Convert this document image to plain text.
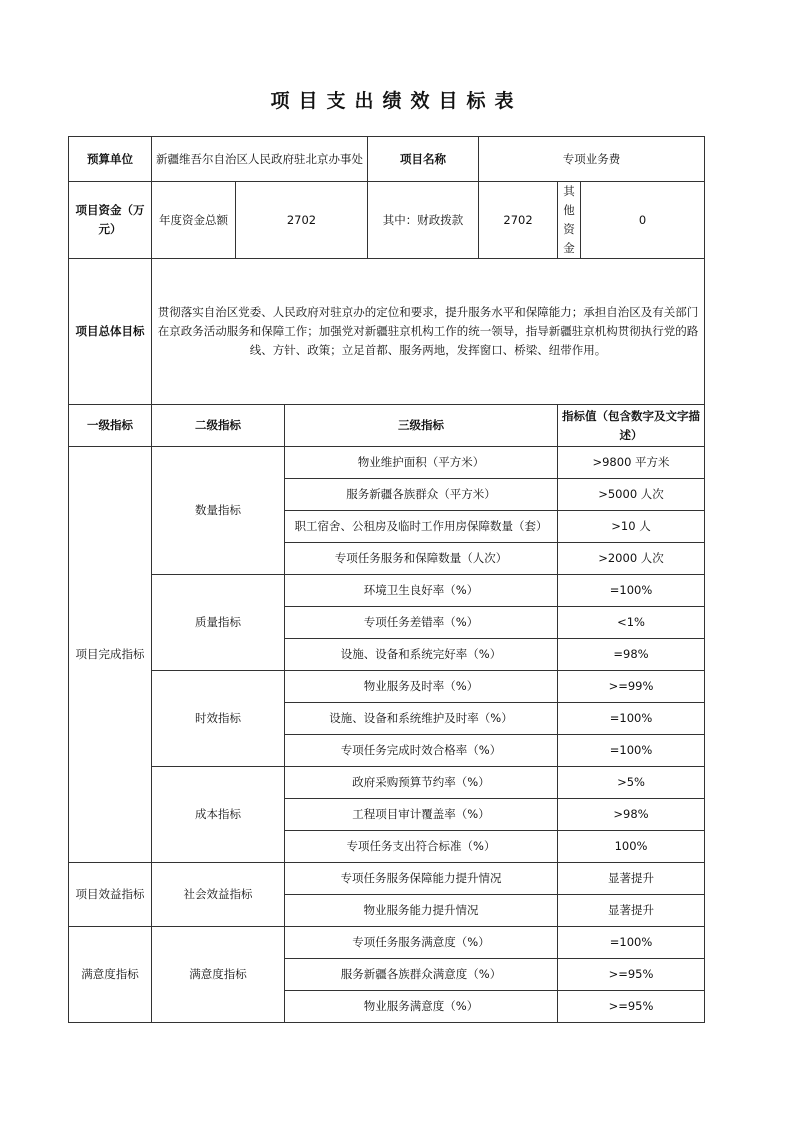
项目支出绩效目标表
预算单位	新疆维吾尔自治区人民政府驻北京办事处			项目名称	专项业务费		
项目资金（万元）	年度资金总额	2702		其中：财政拨款	2702	其他资金	0
项目总体目标	贯彻落实自治区党委、人民政府对驻京办的定位和要求，提升服务水平和保障能力；承担自治区及有关部门在京政务活动服务和保障工作；加强党对新疆驻京机构工作的统一领导，指导新疆驻京机构贯彻执行党的路线、方针、政策；立足首都、服务两地，发挥窗口、桥梁、纽带作用。						
一级指标	二级指标		三级指标			指标值（包含数字及文字描述）	
项目完成指标	数量指标		物业维护面积（平方米）			>9800 平方米	
			服务新疆各族群众（平方米）			>5000 人次	
			职工宿舍、公租房及临时工作用房保障数量（套）			>10 人	
			专项任务服务和保障数量（人次）			>2000 人次	
	质量指标		环境卫生良好率（%）			=100%	
			专项任务差错率（%）			<1%	
			设施、设备和系统完好率（%）			=98%	
	时效指标		物业服务及时率（%）			>=99%	
			设施、设备和系统维护及时率（%）			=100%	
			专项任务完成时效合格率（%）			=100%	
	成本指标		政府采购预算节约率（%）			>5%	
			工程项目审计覆盖率（%）			>98%	
			专项任务支出符合标准（%）			100%	
项目效益指标	社会效益指标		专项任务服务保障能力提升情况			显著提升	
			物业服务能力提升情况			显著提升	
满意度指标	满意度指标		专项任务服务满意度（%）			=100%	
			服务新疆各族群众满意度（%）			>=95%	
			物业服务满意度（%）			>=95%	
